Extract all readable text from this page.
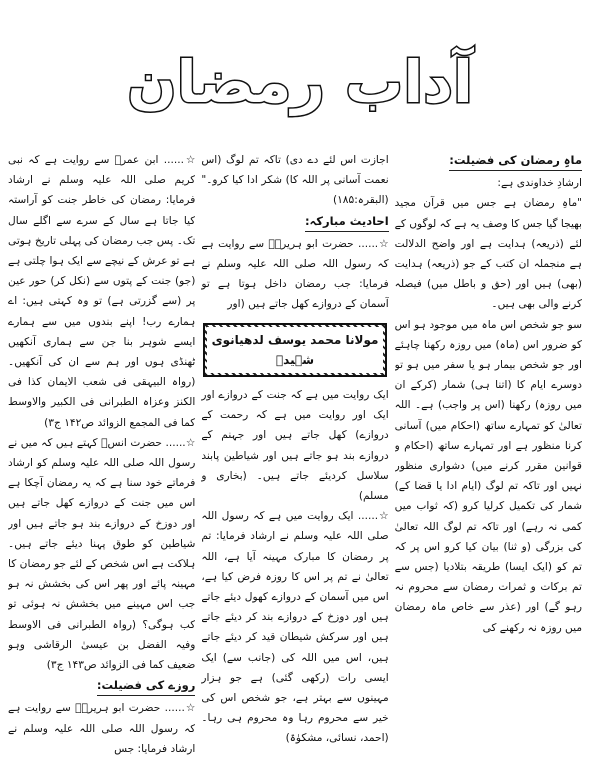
آداب رمضان
ماہِ رمضان کی فضیلت:

ارشادِ خداوندی ہے:

"ماہِ رمضان ہے جس میں قرآن مجید بھیجا گیا جس کا وصف یہ ہے کہ لوگوں کے لئے (ذریعہ) ہدایت ہے اور واضح الدلالت ہے منجملہ ان کتب کے جو (ذریعہ) ہدایت (بھی) ہیں اور (حق و باطل میں) فیصلہ کرنے والی بھی ہیں۔

سو جو شخص اس ماہ میں موجود ہو اس کو ضرور اس (ماہ) میں روزہ رکھنا چاہئے اور جو شخص بیمار ہو یا سفر میں ہو تو دوسرے ایام کا (اتنا ہی) شمار (کرکے ان میں روزہ) رکھنا (اس پر واجب) ہے۔ اللہ تعالیٰ کو تمہارے ساتھ (احکام میں) آسانی کرنا منظور ہے اور تمہارے ساتھ (احکام و قوانین مقرر کرنے میں) دشواری منظور نہیں اور تاکہ تم لوگ (ایام ادا یا قضا کے) شمار کی تکمیل کرلیا کرو (کہ ثواب میں کمی نہ رہے) اور تاکہ تم لوگ اللہ تعالیٰ کی بزرگی (و ثنا) بیان کیا کرو اس پر کہ تم کو (ایک ایسا) طریقہ بتلادیا (جس سے تم برکات و ثمرات رمضان سے محروم نہ رہو گے) اور (عذر سے خاص ماہ رمضان میں روزہ نہ رکھنے کی

اجازت اس لئے دے دی) تاکہ تم لوگ (اس نعمت آسانی پر اللہ کا) شکر ادا کیا کرو۔" (البقرہ:۱۸۵)

احادیث مبارکہ:

☆...... حضرت ابو ہریرہؓ سے روایت ہے کہ رسول اللہ صلی اللہ علیہ وسلم نے فرمایا: جب رمضان داخل ہوتا ہے تو آسمان کے دروازے کھل جاتے ہیں (اور

مولانا محمد یوسف لدھیانوی شہیدؒ

ایک روایت میں ہے کہ جنت کے دروازے اور ایک اور روایت میں ہے کہ رحمت کے دروازے) کھل جاتے ہیں اور جہنم کے دروازے بند ہو جاتے ہیں اور شیاطین پابند سلاسل کردیئے جاتے ہیں۔ (بخاری و مسلم)

☆...... ایک روایت میں ہے کہ رسول اللہ صلی اللہ علیہ وسلم نے ارشاد فرمایا: تم پر رمضان کا مبارک مہینہ آیا ہے، اللہ تعالیٰ نے تم پر اس کا روزہ فرض کیا ہے، اس میں آسمان کے دروازے کھول دیئے جاتے ہیں اور دوزخ کے دروازے بند کر دیئے جاتے ہیں اور سرکش شیطان قید کر دیئے جاتے ہیں، اس میں اللہ کی (جانب سے) ایک ایسی رات (رکھی گئی) ہے جو ہزار مہینوں سے بہتر ہے، جو شخص اس کی خیر سے محروم رہا وہ محروم ہی رہا۔ (احمد، نسائی، مشکوٰۃ)

☆...... ابن عمرؓ سے روایت ہے کہ نبی کریم صلی اللہ علیہ وسلم نے ارشاد فرمایا: رمضان کی خاطر جنت کو آراستہ کیا جاتا ہے سال کے سرے سے اگلے سال تک۔ پس جب رمضان کی پہلی تاریخ ہوتی ہے تو عرش کے نیچے سے ایک ہوا چلتی ہے (جو) جنت کے پتوں سے (نکل کر) حور عین پر (سے گزرتی ہے) تو وہ کہتی ہیں: اے ہمارے رب! اپنے بندوں میں سے ہمارے ایسے شوہر بنا جن سے ہماری آنکھیں ٹھنڈی ہوں اور ہم سے ان کی آنکھیں۔ (رواہ البیہقی فی شعب الایمان کذا فی الکنز وعزاہ الطبرانی فی الکبیر والاوسط کما فی المجمع الزوائد ص۱۴۲ ج۳)

☆...... حضرت انسؓ کہتے ہیں کہ میں نے رسول اللہ صلی اللہ علیہ وسلم کو ارشاد فرماتے خود سنا ہے کہ یہ رمضان آچکا ہے اس میں جنت کے دروازے کھل جاتے ہیں اور دوزخ کے دروازے بند ہو جاتے ہیں اور شیاطین کو طوق پہنا دیئے جاتے ہیں۔ ہلاکت ہے اس شخص کے لئے جو رمضان کا مہینہ پائے اور پھر اس کی بخشش نہ ہو جب اس مہینے میں بخشش نہ ہوئی تو کب ہوگی؟ (رواہ الطبرانی فی الاوسط وفیہ الفضل بن عیسیٰ الرقاشی وہو ضعیف کما فی الزوائد ص۱۴۳ ج۳)

روزے کی فضیلت:

☆...... حضرت ابو ہریرہؓ سے روایت ہے کہ رسول اللہ صلی اللہ علیہ وسلم نے ارشاد فرمایا: جس
